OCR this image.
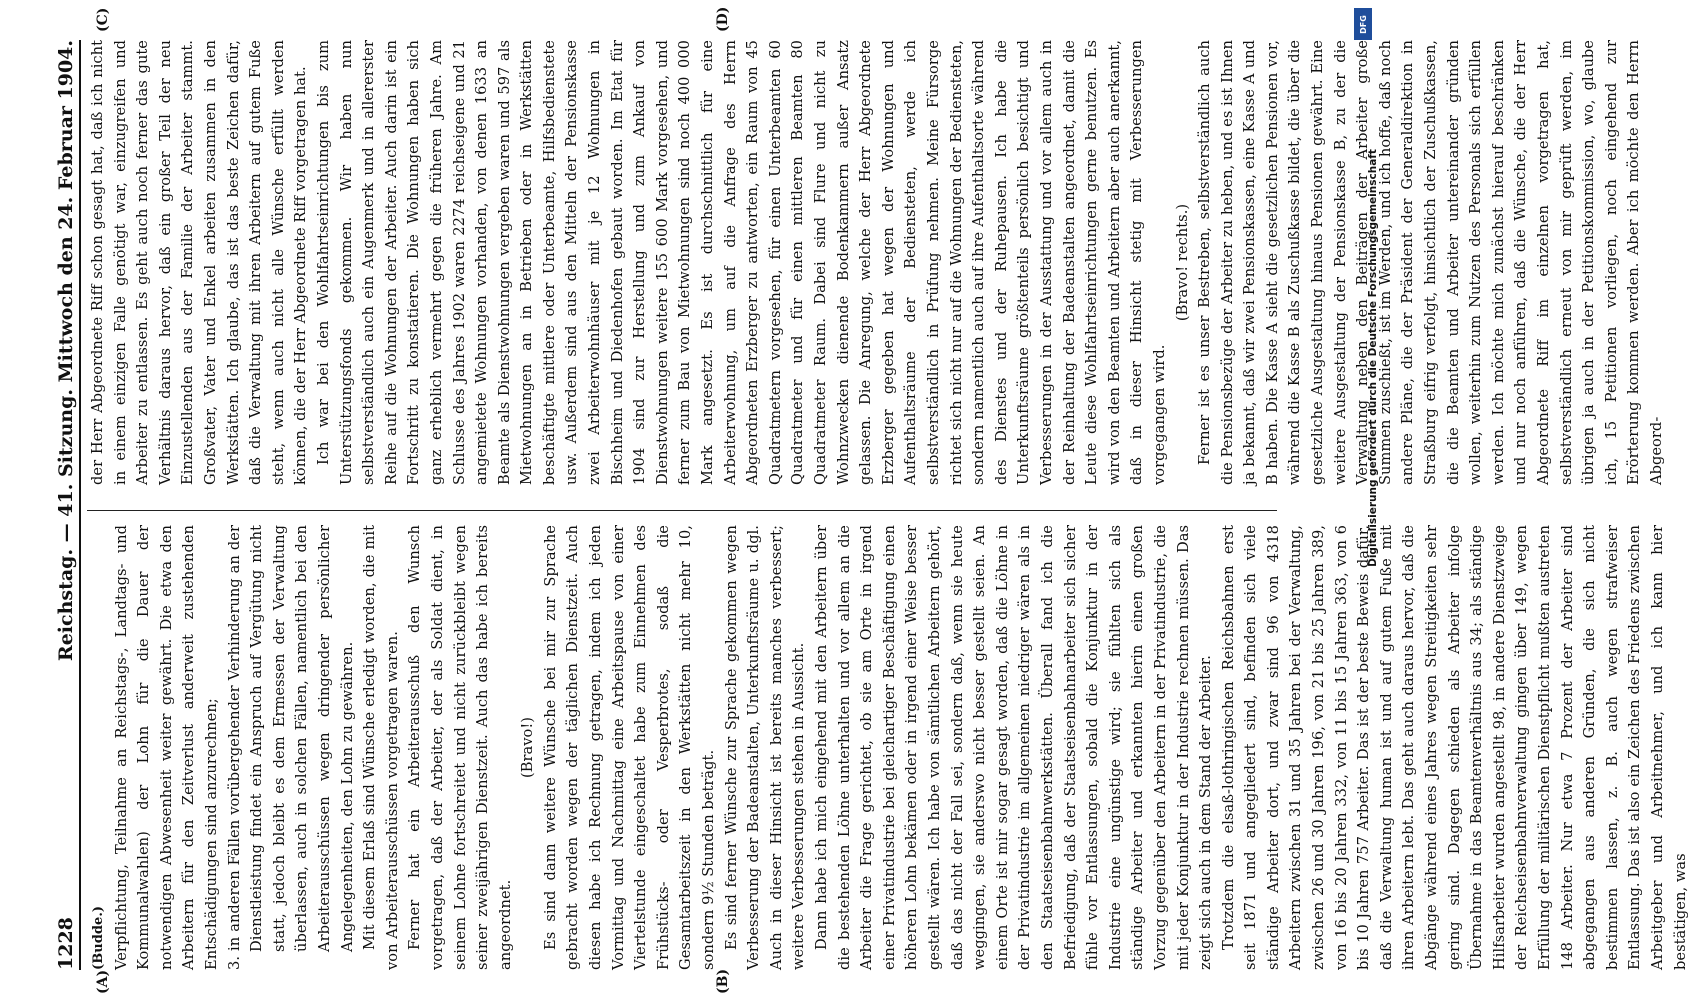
1228
Reichstag. — 41. Sitzung. Mittwoch den 24. Februar 1904.
(A)	(B)
(C)	(D)

(Budde.) Verpflichtung, Teilnahme an Reichstags-, Landtags- und Kommunalwahlen) der Lohn für die Dauer der notwendigen Abwesenheit weiter gewährt. Die etwa den Arbeitern für den Zeitverlust anderweit zustehenden Entschädigungen sind anzurechnen; 3. in anderen Fällen vorübergehender Verhinderung an der Dienstleistung findet ein Anspruch auf Vergütung nicht statt, jedoch bleibt es dem Ermessen der Verwaltung überlassen, auch in solchen Fällen, namentlich bei den Arbeiterausschüssen wegen dringender persönlicher Angelegenheiten, den Lohn zu gewähren. Mit diesem Erlaß sind Wünsche erledigt worden, die mit von Arbeiterausschüssen vorgetragen waren. Ferner hat ein Arbeiterausschuß den Wunsch vorgetragen, daß der Arbeiter, der als Soldat dient, in seinem Lohne fortschreitet und nicht zurückbleibt wegen seiner zweijährigen Dienstzeit. Auch das habe ich bereits angeordnet.

(Bravo!) Es sind dann weitere Wünsche bei mir zur Sprache gebracht worden wegen der täglichen Dienstzeit. Auch diesen habe ich Rechnung getragen, indem ich jeden Vormittag und Nachmittag eine Arbeitspause von einer Viertelstunde eingeschaltet habe zum Einnehmen des Frühstücks- oder Vesperbrotes, sodaß die Gesamtarbeitszeit in den Werkstätten nicht mehr 10, sondern 9½ Stunden beträgt. Es sind ferner Wünsche zur Sprache gekommen wegen Verbesserung der Badeanstalten, Unterkunftsräume u. dgl. Auch in dieser Hinsicht ist bereits manches verbessert; weitere Verbesserungen stehen in Aussicht. Dann habe ich mich eingehend mit den Arbeitern über die bestehenden Löhne unterhalten und vor allem an die Arbeiter die Frage gerichtet, ob sie am Orte in irgend einer Privatindustrie bei gleichartiger Beschäftigung einen höheren Lohn bekämen oder in irgend einer Weise besser gestellt wären. Ich habe von sämtlichen Arbeitern gehört, daß das nicht der Fall sei, sondern daß, wenn sie heute weggingen, sie anderswo nicht besser gestellt seien. An einem Orte ist mir sogar gesagt worden, daß die Löhne in der Privatindustrie im allgemeinen niedriger wären als in den Staatseisenbahnwerkstätten. Überall fand ich die Befriedigung, daß der Staatseisenbahnarbeiter sich sicher fühle vor Entlassungen, sobald die Konjunktur in der Industrie eine ungünstige wird; sie fühlten sich als ständige Arbeiter und erkannten hierin einen großen Vorzug gegenüber den Arbeitern in der Privatindustrie, die mit jeder Konjunktur in der Industrie rechnen müssen. Das zeigt sich auch in dem Stand der Arbeiter. Trotzdem die elsaß-lothringischen Reichsbahnen erst seit 1871 und angegliedert sind, befinden sich viele ständige Arbeiter dort, und zwar sind 96 von 4318 Arbeitern zwischen 31 und 35 Jahren bei der Verwaltung, zwischen 26 und 30 Jahren 196, von 21 bis 25 Jahren 389, von 16 bis 20 Jahren 332, von 11 bis 15 Jahren 363, von 6 bis 10 Jahren 757 Arbeiter. Das ist der beste Beweis dafür, daß die Verwaltung human ist und auf gutem Fuße mit ihren Arbeitern lebt. Das geht auch daraus hervor, daß die Abgänge während eines Jahres wegen Streitigkeiten sehr gering sind. Dagegen schieden als Arbeiter infolge Übernahme in das Beamtenverhältnis aus 34; als ständige Hilfsarbeiter wurden angestellt 98, in andere Dienstzweige der Reichseisenbahnverwaltung gingen über 149, wegen Erfüllung der militärischen Dienstpflicht mußten austreten 148 Arbeiter. Nur etwa 7 Prozent der Arbeiter sind abgegangen aus anderen Gründen, die sich nicht bestimmen lassen, z. B. auch wegen strafweiser Entlassung. Das ist also ein Zeichen des Friedens zwischen Arbeitgeber und Arbeitnehmer, und ich kann hier bestätigen, was

der Herr Abgeordnete Riff schon gesagt hat, daß ich nicht in einem einzigen Falle genötigt war, einzugreifen und Arbeiter zu entlassen. Es geht auch noch ferner das gute Verhältnis daraus hervor, daß ein großer Teil der neu Einzustellenden aus der Familie der Arbeiter stammt. Großvater, Vater und Enkel arbeiten zusammen in den Werkstätten. Ich glaube, das ist das beste Zeichen dafür, daß die Verwaltung mit ihren Arbeitern auf gutem Fuße steht, wenn auch nicht alle Wünsche erfüllt werden können, die der Herr Abgeordnete Riff vorgetragen hat. Ich war bei den Wohlfahrtseinrichtungen bis zum Unterstützungsfonds gekommen. Wir haben nun selbstverständlich auch ein Augenmerk und in allererster Reihe auf die Wohnungen der Arbeiter. Auch darin ist ein Fortschritt zu konstatieren. Die Wohnungen haben sich ganz erheblich vermehrt gegen die früheren Jahre. Am Schlusse des Jahres 1902 waren 2274 reichseigene und 21 angemietete Wohnungen vorhanden, von denen 1633 an Beamte als Dienstwohnungen vergeben waren und 597 als Mietwohnungen an in Betrieben oder in Werkstätten beschäftigte mittlere oder Unterbeamte, Hilfsbedienstete usw. Außerdem sind aus den Mitteln der Pensionskasse zwei Arbeiterwohnhäuser mit je 12 Wohnungen in Bischheim und Diedenhofen gebaut worden. Im Etat für 1904 sind zur Herstellung und zum Ankauf von Dienstwohnungen weitere 155 600 Mark vorgesehen, und ferner zum Bau von Mietwohnungen sind noch 400 000 Mark angesetzt. Es ist durchschnittlich für eine Arbeiterwohnung, um auf die Anfrage des Herrn Abgeordneten Erzberger zu antworten, ein Raum von 45 Quadratmetern vorgesehen, für einen Unterbeamten 60 Quadratmeter und für einen mittleren Beamten 80 Quadratmeter Raum. Dabei sind Flure und nicht zu Wohnzwecken dienende Bodenkammern außer Ansatz gelassen. Die Anregung, welche der Herr Abgeordnete Erzberger gegeben hat wegen der Wohnungen und Aufenthaltsräume der Bediensteten, werde ich selbstverständlich in Prüfung nehmen. Meine Fürsorge richtet sich nicht nur auf die Wohnungen der Bediensteten, sondern namentlich auch auf ihre Aufenthaltsorte während des Dienstes und der Ruhepausen. Ich habe die Unterkunftsräume größtenteils persönlich besichtigt und Verbesserungen in der Ausstattung und vor allem auch in der Reinhaltung der Badeanstalten angeordnet, damit die Leute diese Wohlfahrtseinrichtungen gerne benutzen. Es wird von den Beamten und Arbeitern aber auch anerkannt, daß in dieser Hinsicht stetig mit Verbesserungen vorgegangen wird.

(Bravo! rechts.) Ferner ist es unser Bestreben, selbstverständlich auch die Pensionsbezüge der Arbeiter zu heben, und es ist Ihnen ja bekannt, daß wir zwei Pensionskassen, eine Kasse A und B haben. Die Kasse A sieht die gesetzlichen Pensionen vor, während die Kasse B als Zuschußkasse bildet, die über die gesetzliche Ausgestaltung hinaus Pensionen gewährt. Eine weitere Ausgestaltung der Pensionskasse B, zu der die Verwaltung neben den Beiträgen der Arbeiter große Summen zuschießt, ist im Werden, und ich hoffe, daß noch andere Pläne, die der Präsident der Generaldirektion in Straßburg eifrig verfolgt, hinsichtlich der Zuschußkassen, die die Beamten und Arbeiter untereinander gründen wollen, weiterhin zum Nutzen des Personals sich erfüllen werden. Ich möchte mich zunächst hierauf beschränken und nur noch anführen, daß die Wünsche, die der Herr Abgeordnete Riff im einzelnen vorgetragen hat, selbstverständlich erneut von mir geprüft werden, im übrigen ja auch in der Petitionskommission, wo, glaube ich, 15 Petitionen vorliegen, noch eingehend zur Erörterung kommen werden. Aber ich möchte den Herrn Abgeord-

DFG
Digitalisierung gefördert durch die Deutsche Forschungsgemeinschaft
